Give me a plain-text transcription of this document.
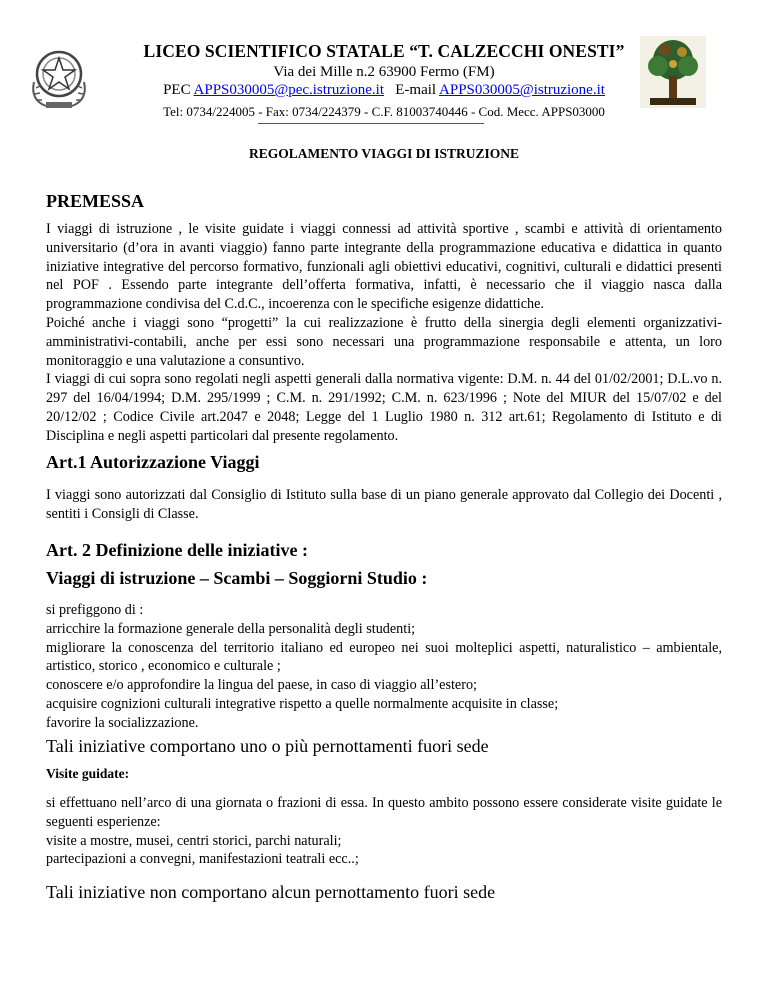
LICEO SCIENTIFICO STATALE “T. CALZECCHI ONESTI”
Via dei Mille n.2 63900 Fermo (FM)
PEC APPS030005@pec.istruzione.it E-mail APPS030005@istruzione.it
Tel: 0734/224005 - Fax: 0734/224379 - C.F. 81003740446 - Cod. Mecc. APPS03000
REGOLAMENTO VIAGGI DI ISTRUZIONE
PREMESSA

I viaggi di istruzione , le visite guidate i viaggi connessi ad attività sportive , scambi e attività di orientamento universitario (d’ora in avanti viaggio) fanno parte integrante della programmazione educativa e didattica in quanto iniziative integrative del percorso formativo, funzionali agli obiettivi educativi, cognitivi, culturali e didattici presenti nel POF . Essendo parte integrante dell’offerta formativa, infatti, è necessario che il viaggio nasca dalla programmazione condivisa del C.d.C., incoerenza con le specifiche esigenze didattiche.

Poiché anche i viaggi sono “progetti” la cui realizzazione è frutto della sinergia degli elementi organizzativi-amministrativi-contabili, anche per essi sono necessari una programmazione responsabile e attenta, un loro monitoraggio e una valutazione a consuntivo.

I viaggi di cui sopra sono regolati negli aspetti generali dalla normativa vigente: D.M. n. 44 del 01/02/2001; D.L.vo n. 297 del 16/04/1994; D.M. 295/1999 ; C.M. n. 291/1992; C.M. n. 623/1996 ; Note del MIUR del 15/07/02 e del 20/12/02 ; Codice Civile art.2047 e 2048; Legge del 1 Luglio 1980 n. 312 art.61; Regolamento di Istituto e di Disciplina e negli aspetti particolari dal presente regolamento.

Art.1 Autorizzazione Viaggi

I viaggi sono autorizzati dal Consiglio di Istituto sulla base di un piano generale approvato dal Collegio dei Docenti , sentiti i Consigli di Classe.

Art. 2 Definizione delle iniziative :
Viaggi di istruzione – Scambi – Soggiorni Studio :

si prefiggono di :

arricchire la formazione generale della personalità degli studenti;

migliorare la conoscenza del territorio italiano ed europeo nei suoi molteplici aspetti, naturalistico – ambientale, artistico, storico , economico e culturale ;

conoscere e/o approfondire la lingua del paese, in caso di viaggio all’estero;

acquisire cognizioni culturali integrative rispetto a quelle normalmente acquisite in classe;

favorire la socializzazione.

Tali iniziative comportano uno o più pernottamenti fuori sede
Visite guidate:

si effettuano nell’arco di una giornata o frazioni di essa. In questo ambito possono essere considerate visite guidate le seguenti esperienze:

visite a mostre, musei, centri storici, parchi naturali;

partecipazioni a convegni, manifestazioni teatrali ecc..;

Tali iniziative non comportano alcun pernottamento fuori sede
